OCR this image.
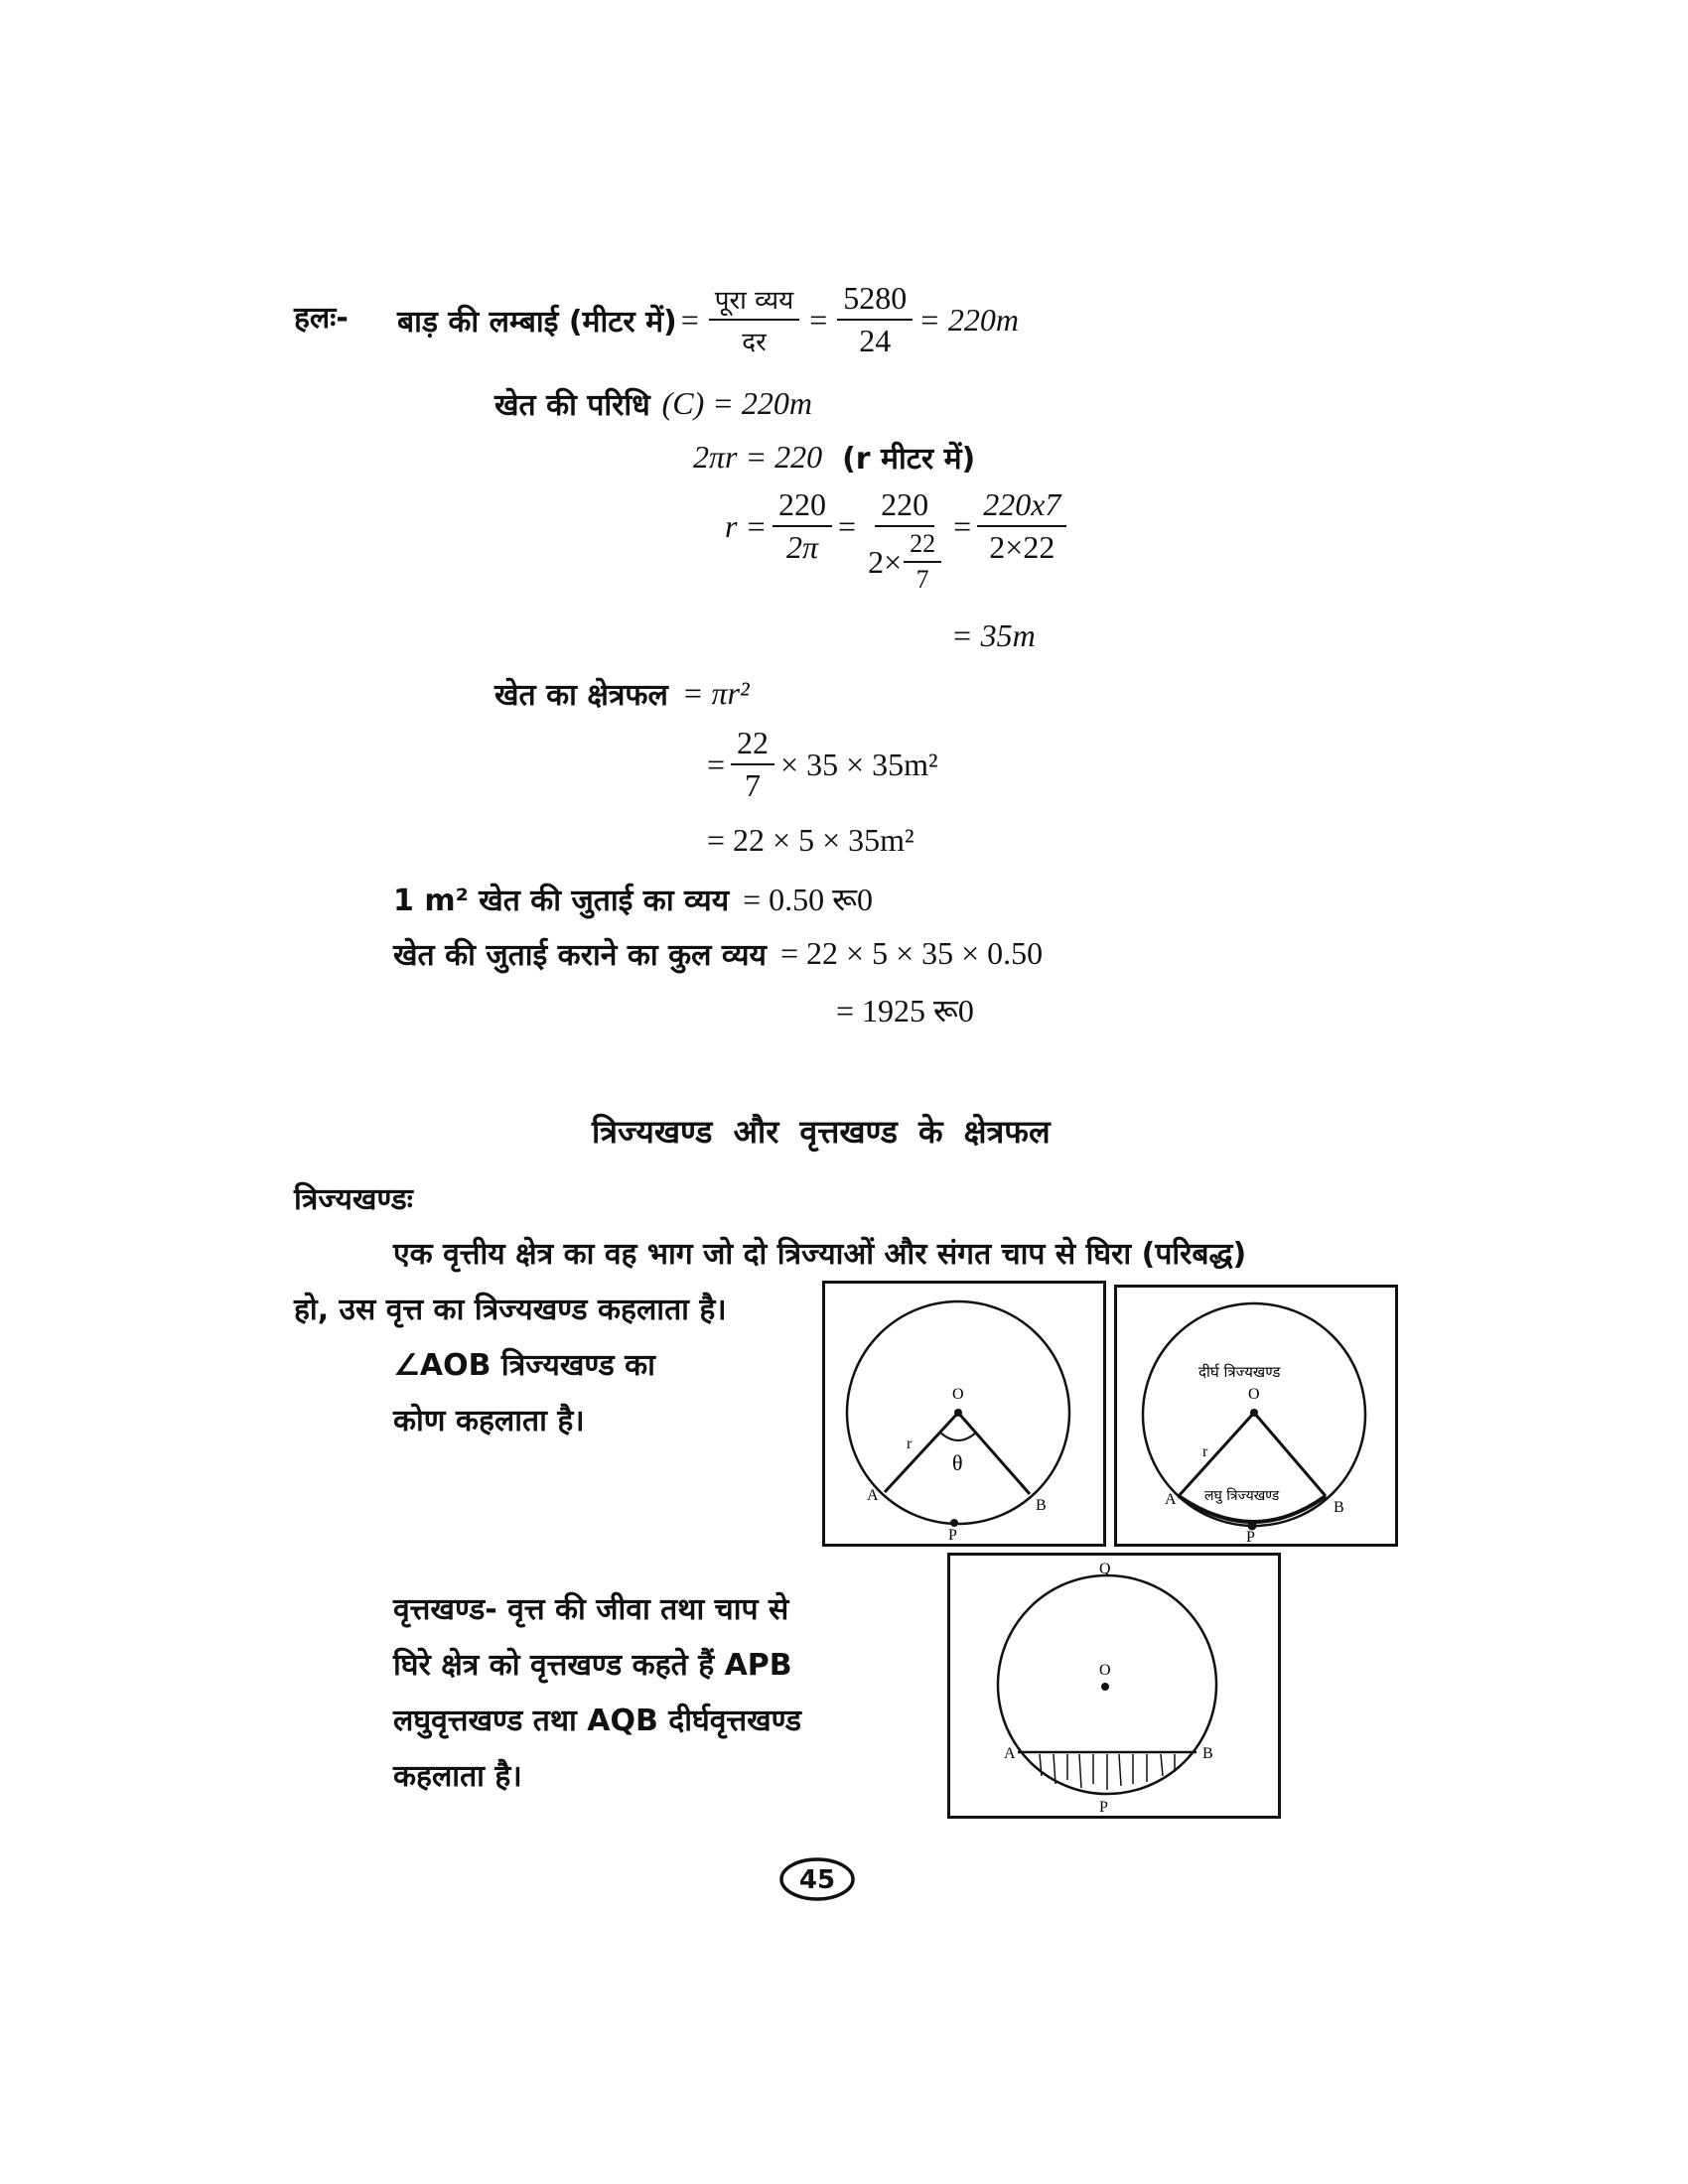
हलः- बाड़ की लम्बाई (मीटर में) = $\frac{\text{पूरा व्यय}}{\text{दर}} = \frac{5280}{24} = 220m$
खेत की परिधि (C) = 220m
2πr = 220 (r मीटर में)
$r = \frac{220}{2\pi} = \frac{220}{2\times \frac{22}{7}} = \frac{220x7}{2\times 22}$
= 35m
खेत का क्षेत्रफल = πr²
= $\frac{22}{7} \times 35 \times 35m^2$
= 22 × 5 × 35m²
1 m² खेत की जुताई का व्यय = 0.50 रू0
खेत की जुताई कराने का कुल व्यय = 22 × 5 × 35 × 0.50
= 1925 रू0
त्रिज्यखण्ड और वृत्तखण्ड के क्षेत्रफल
त्रिज्यखण्डः
एक वृत्तीय क्षेत्र का वह भाग जो दो त्रिज्याओं और संगत चाप से घिरा (परिबद्ध)
हो, उस वृत्त का त्रिज्यखण्ड कहलाता है।
∠AOB त्रिज्यखण्ड का
कोण कहलाता है।
O
r
θ
A
B
P
दीर्घ त्रिज्यखण्ड
O
r
लघु त्रिज्यखण्ड
A	B
P
वृत्तखण्ड- वृत्त की जीवा तथा चाप से
घिरे क्षेत्र को वृत्तखण्ड कहते हैं APB
लघुवृत्तखण्ड तथा AQB दीर्घवृत्तखण्ड
कहलाता है।
Q
O
A	B
P
45
